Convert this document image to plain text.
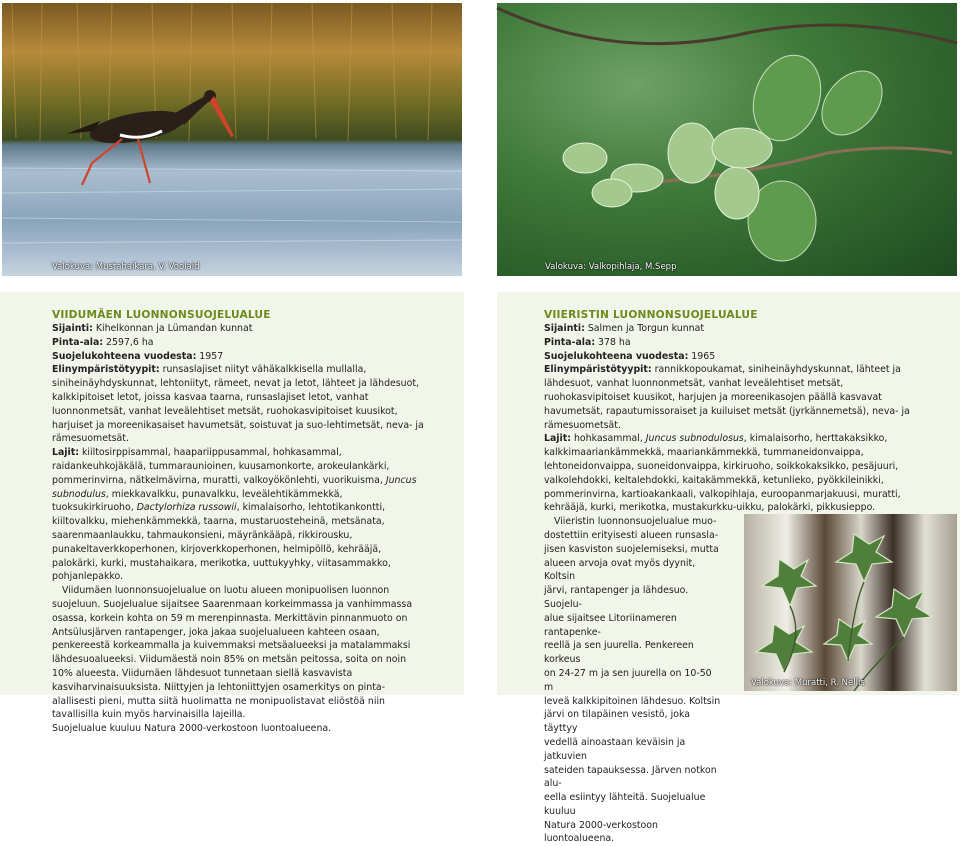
Valokuva: Mustahaikara, V. Voolaid	Valokuva: Valkopihlaja, M.Sepp
VIIDUMÄEN LUONNONSUOJELUALUE
Sijainti: Kihelkonnan ja Lümandan kunnat
Pinta-ala: 2597,6 ha
Suojelukohteena vuodesta: 1957
Elinympäristötyypit: runsaslajiset niityt vähäkalkkisella mullalla, siniheinäyhdyskunnat, lehtoniityt, rämeet, nevat ja letot, lähteet ja lähdesuot, kalkkipitoiset letot, joissa kasvaa taarna, runsaslajiset letot, vanhat luonnonmetsät, vanhat leveälehtiset metsät, ruohokasvipitoiset kuusikot, harjuiset ja moreenikasaiset havumetsät, soistuvat ja suo-lehtimetsät, neva- ja rämesuometsät.
Lajit: kiiltosirppisammal, haapariippusammal, hohkasammal, raidankeuhkojäkälä, tummaraunioinen, kuusamonkorte, arokeulankärki, pommerinvirna, nätkelmävirna, muratti, valkoyökönlehti, vuorikuisma, Juncus subnodulus, miekkavalkku, punavalkku, leveälehtikämmekkä, tuoksukirkiruoho, Dactylorhiza russowii, kimalaisorho, lehtotikankontti, kiiltovalkku, miehenkämmekkä, taarna, mustaruosteheinä, metsänata, saarenmaanlaukku, tahmaukonsieni, mäyränkääpä, rikkirousku, punakeltaverkkoperhonen, kirjoverkkoperhonen, helmipöllö, kehrääjä, palokärki, kurki, mustahaikara, merikotka, uuttukyyhky, viitasammakko, pohjanlepakko.
Viidumäen luonnonsuojelualue on luotu alueen monipuolisen luonnon suojeluun. Suojelualue sijaitsee Saarenmaan korkeimmassa ja vanhimmassa osassa, korkein kohta on 59 m merenpinnasta. Merkittävin pinnanmuoto on Antsülusjärven rantapenger, joka jakaa suojelualueen kahteen osaan, penkereestä korkeammalla ja kuivemmaksi metsäalueeksi ja matalammaksi lähdesuoalueeksi. Viidumäestä noin 85% on metsän peitossa, soita on noin 10% alueesta. Viidumäen lähdesuot tunnetaan siellä kasvavista kasviharvinaisuuksista. Niittyjen ja lehtoniittyjen osamerkitys on pinta-alallisesti pieni, mutta siitä huolimatta ne monipuolistavat eliöstöä niin tavallisilla kuin myös harvinaisilla lajeilla.
Suojelualue kuuluu Natura 2000-verkostoon luontoalueena.
VIIERISTIN LUONNONSUOJELUALUE
Sijainti: Salmen ja Torgun kunnat
Pinta-ala: 378 ha
Suojelukohteena vuodesta: 1965
Elinympäristötyypit: rannikkopoukamat, siniheinäyhdyskunnat, lähteet ja lähdesuot, vanhat luonnonmetsät, vanhat leveälehtiset metsät, ruohokasvipitoiset kuusikot, harjujen ja moreenikasojen päällä kasvavat havumetsät, rapautumissoraiset ja kuiluiset metsät (jyrkännemetsä), neva- ja rämesuometsät.
Lajit: hohkasammal, Juncus subnodulosus, kimalaisorho, herttakaksikko, kalkkimaariankämmekkä, maariankämmekkä, tummaneidonvaippa, lehtoneidonvaippa, suoneidonvaippa, kirkiruoho, soikkokaksikko, pesäjuuri, valkolehdokki, keltalehdokki, kaitakämmekkä, ketunlieko, pyökkileinikki, pommerinvirna, kartioakankaali, valkopihlaja, euroopanmarjakuusi, muratti, kehrääjä, kurki, merikotka, mustakurkku-uikku, palokärki, pikkusieppo.
Viieristin luonnonsuojelualue muo-
dostettiin erityisesti alueen runsasla-
jisen kasviston suojelemiseksi, mutta
alueen arvoja ovat myös dyynit, Koltsin
järvi, rantapenger ja lähdesuo. Suojelu-
alue sijaitsee Litoriinameren rantapenke-
reellä ja sen juurella. Penkereen korkeus
on 24-27 m ja sen juurella on 10-50 m
leveä kalkkipitoinen lähdesuo. Koltsin
järvi on tilapäinen vesistö, joka täyttyy
vedellä ainoastaan keväisin ja jatkuvien
sateiden tapauksessa. Järven notkon alu-
eella esiintyy lähteitä. Suojelualue kuuluu
Natura 2000-verkostoon luontoalueena.
Valokuva: Muratti, R. Nellis
